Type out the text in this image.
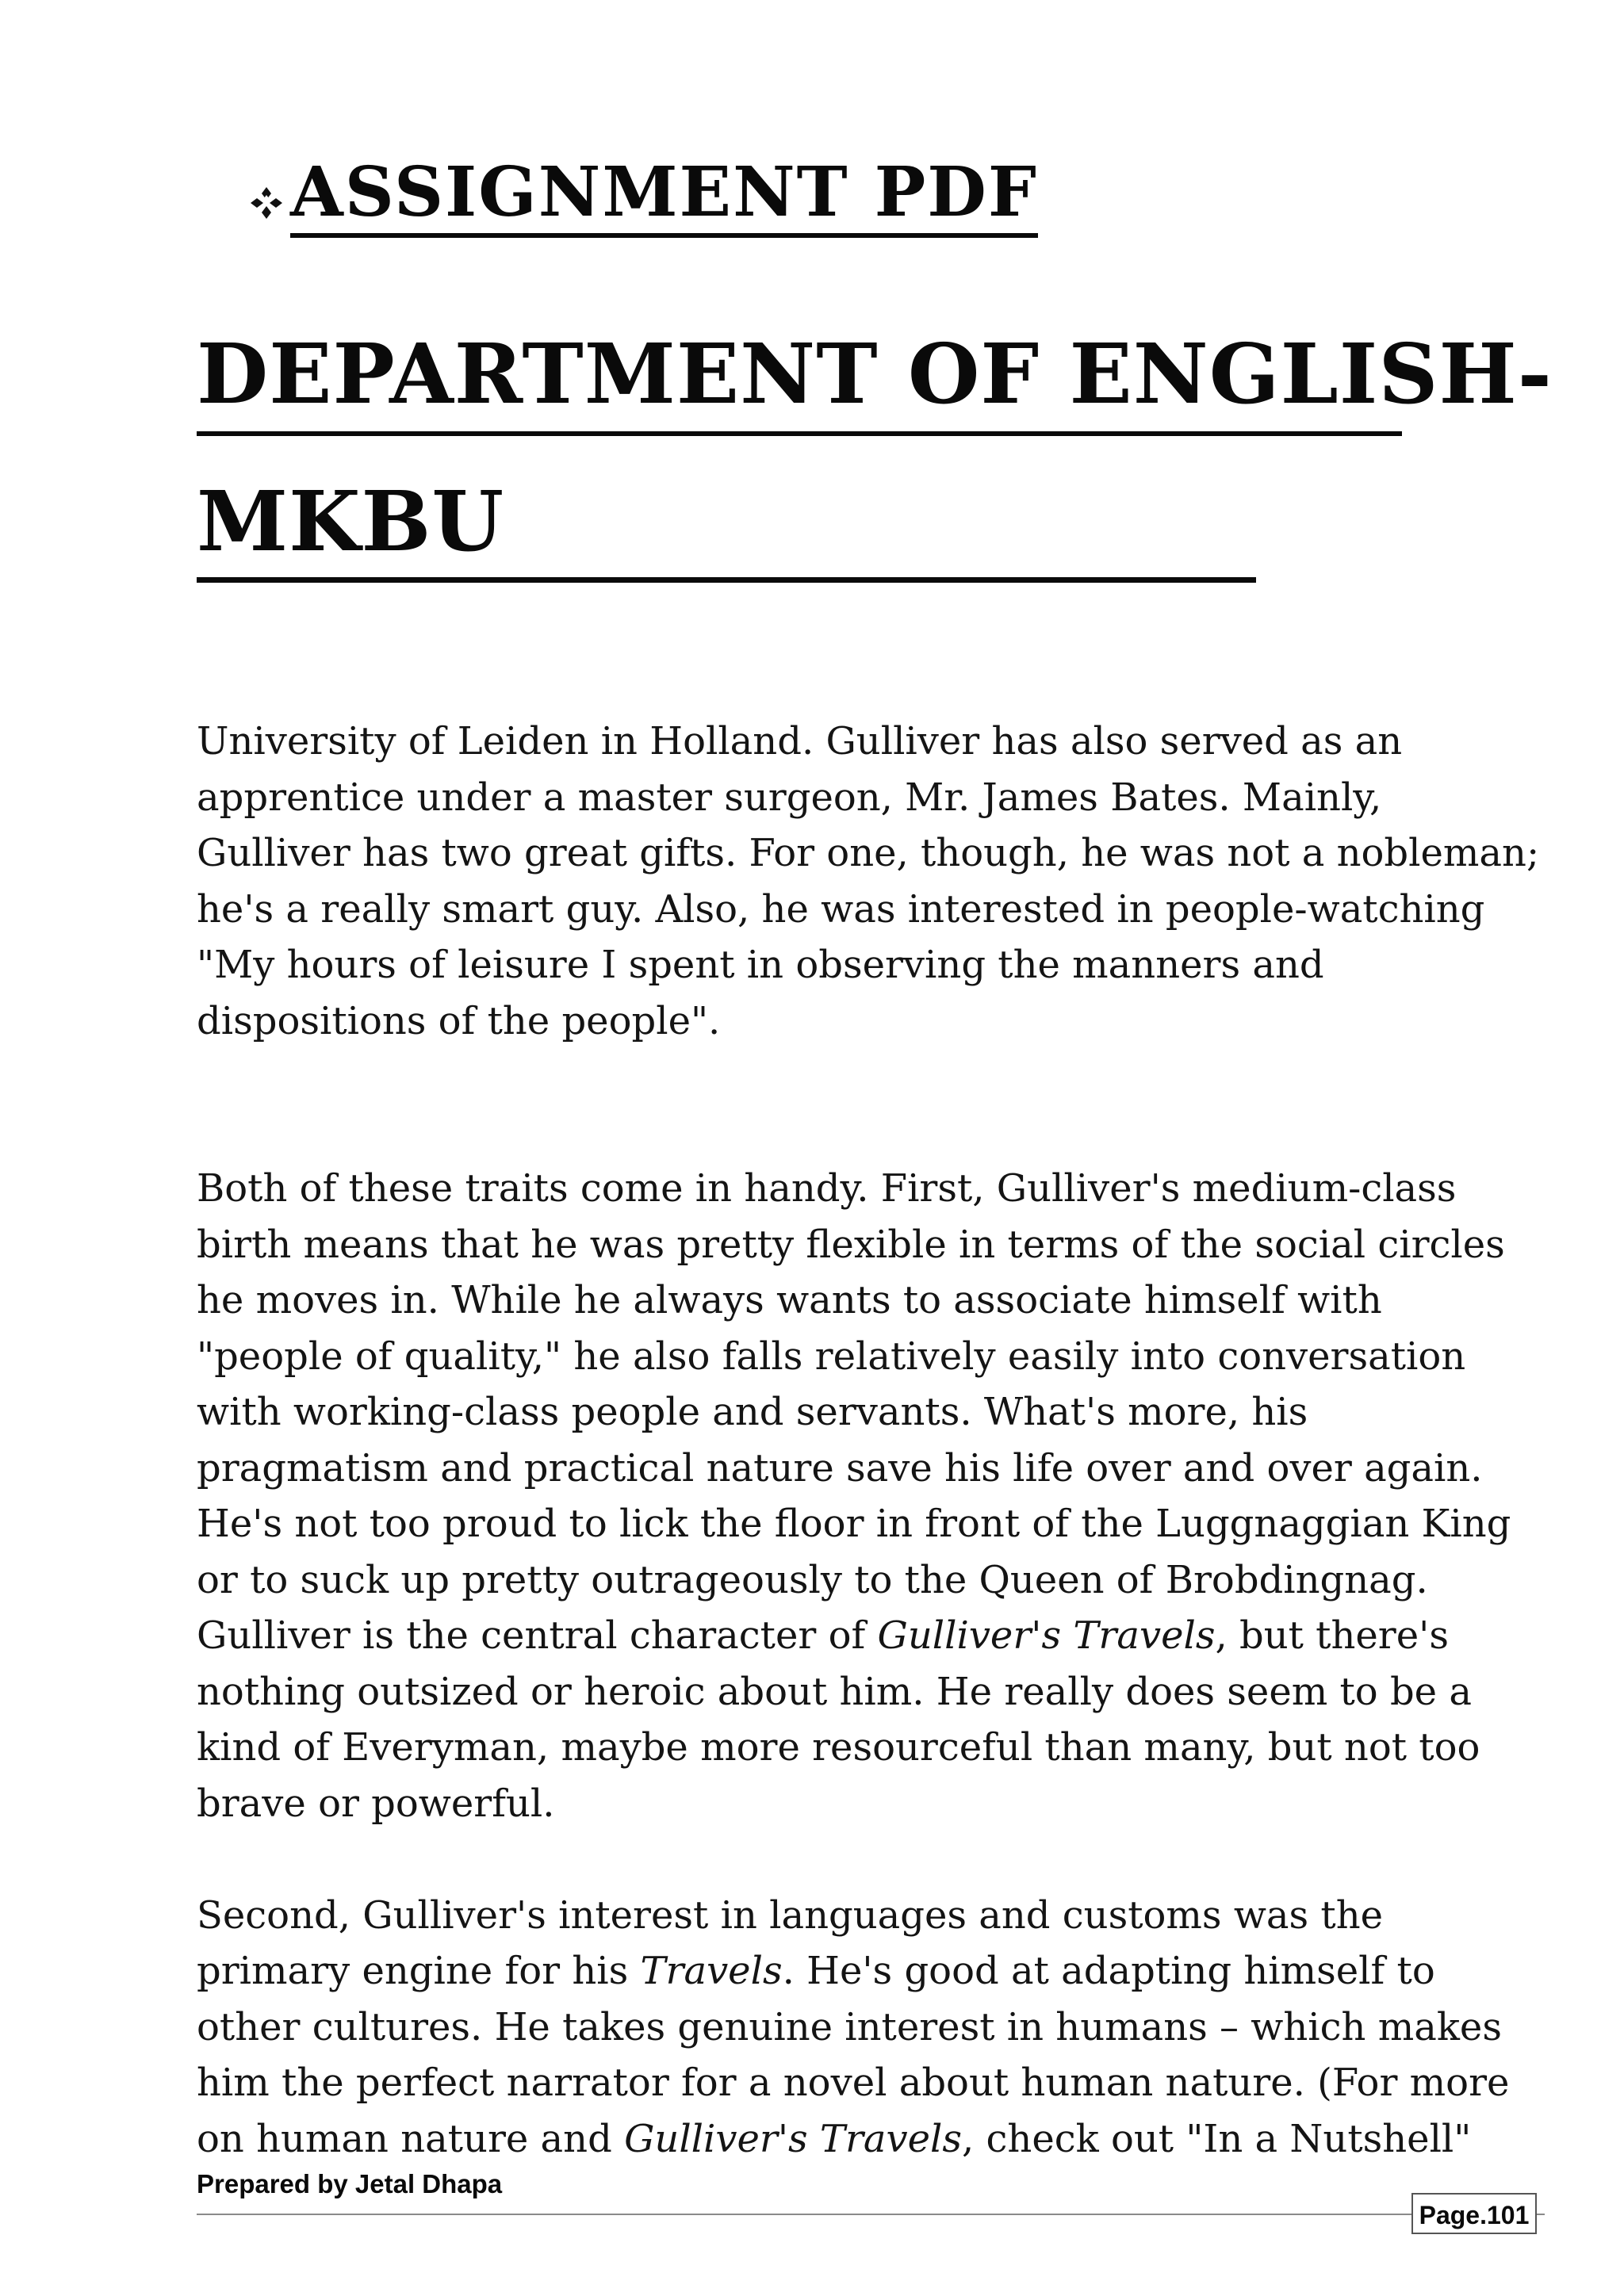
ASSIGNMENT PDF
DEPARTMENT OF ENGLISH-
MKBU

University of Leiden in Holland. Gulliver has also served as an
apprentice under a master surgeon, Mr. James Bates. Mainly,
Gulliver has two great gifts. For one, though, he was not a nobleman;
he's a really smart guy. Also, he was interested in people-watching
"My hours of leisure I spent in observing the manners and
dispositions of the people".

Both of these traits come in handy. First, Gulliver's medium-class
birth means that he was pretty flexible in terms of the social circles
he moves in. While he always wants to associate himself with
"people of quality," he also falls relatively easily into conversation
with working-class people and servants. What's more, his
pragmatism and practical nature save his life over and over again.
He's not too proud to lick the floor in front of the Luggnaggian King
or to suck up pretty outrageously to the Queen of Brobdingnag.
Gulliver is the central character of Gulliver's Travels, but there's
nothing outsized or heroic about him. He really does seem to be a
kind of Everyman, maybe more resourceful than many, but not too
brave or powerful.

Second, Gulliver's interest in languages and customs was the
primary engine for his Travels. He's good at adapting himself to
other cultures. He takes genuine interest in humans – which makes
him the perfect narrator for a novel about human nature. (For more
on human nature and Gulliver's Travels, check out "In a Nutshell"

Prepared by Jetal Dhapa
Page.101
